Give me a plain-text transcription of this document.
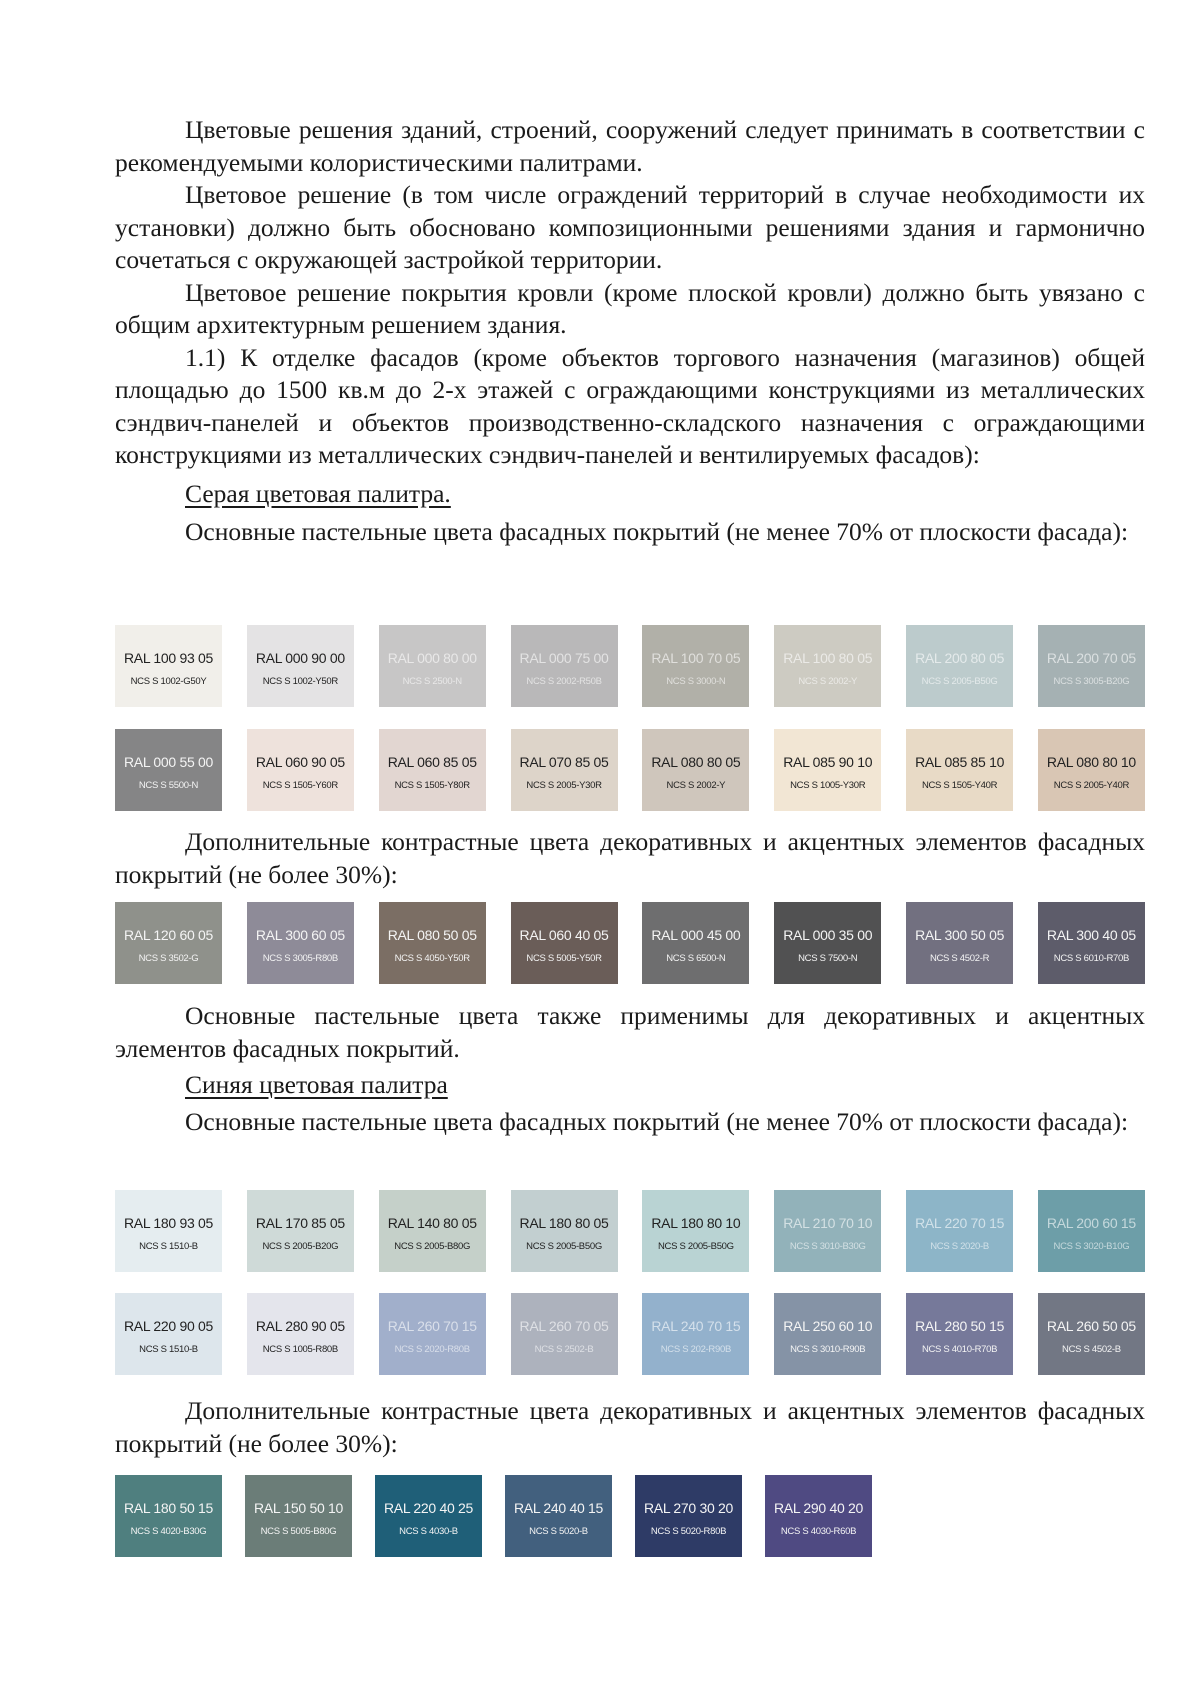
Цветовые решения зданий, строений, сооружений следует принимать в соответствии с рекомендуемыми колористическими палитрами.

Цветовое решение (в том числе ограждений территорий в случае необходимости их установки) должно быть обосновано композиционными решениями здания и гармонично сочетаться с окружающей застройкой территории.

Цветовое решение покрытия кровли (кроме плоской кровли) должно быть увязано с общим архитектурным решением здания.

1.1) К отделке фасадов (кроме объектов торгового назначения (магазинов) общей площадью до 1500 кв.м до 2-х этажей с ограждающими конструкциями из металлических сэндвич-панелей и объектов производственно-складского назначения с ограждающими конструкциями из металлических сэндвич-панелей и вентилируемых фасадов):

Серая цветовая палитра.

Основные пастельные цвета фасадных покрытий (не менее 70% от плоскости фасада):

RAL 100 93 05
NCS S 1002-G50Y
RAL 000 90 00
NCS S 1002-Y50R
RAL 000 80 00
NCS S 2500-N
RAL 000 75 00
NCS S 2002-R50B
RAL 100 70 05
NCS S 3000-N
RAL 100 80 05
NCS S 2002-Y
RAL 200 80 05
NCS S 2005-B50G
RAL 200 70 05
NCS S 3005-B20G
RAL 000 55 00
NCS S 5500-N
RAL 060 90 05
NCS S 1505-Y60R
RAL 060 85 05
NCS S 1505-Y80R
RAL 070 85 05
NCS S 2005-Y30R
RAL 080 80 05
NCS S 2002-Y
RAL 085 90 10
NCS S 1005-Y30R
RAL 085 85 10
NCS S 1505-Y40R
RAL 080 80 10
NCS S 2005-Y40R

Дополнительные контрастные цвета декоративных и акцентных элементов фасадных покрытий (не более 30%):

RAL 120 60 05
NCS S 3502-G
RAL 300 60 05
NCS S 3005-R80B
RAL 080 50 05
NCS S 4050-Y50R
RAL 060 40 05
NCS S 5005-Y50R
RAL 000 45 00
NCS S 6500-N
RAL 000 35 00
NCS S 7500-N
RAL 300 50 05
NCS S 4502-R
RAL 300 40 05
NCS S 6010-R70B

Основные пастельные цвета также применимы для декоративных и акцентных элементов фасадных покрытий.

Синяя цветовая палитра

Основные пастельные цвета фасадных покрытий (не менее 70% от плоскости фасада):

RAL 180 93 05
NCS S 1510-B
RAL 170 85 05
NCS S 2005-B20G
RAL 140 80 05
NCS S 2005-B80G
RAL 180 80 05
NCS S 2005-B50G
RAL 180 80 10
NCS S 2005-B50G
RAL 210 70 10
NCS S 3010-B30G
RAL 220 70 15
NCS S 2020-B
RAL 200 60 15
NCS S 3020-B10G
RAL 220 90 05
NCS S 1510-B
RAL 280 90 05
NCS S 1005-R80B
RAL 260 70 15
NCS S 2020-R80B
RAL 260 70 05
NCS S 2502-B
RAL 240 70 15
NCS S 202-R90B
RAL 250 60 10
NCS S 3010-R90B
RAL 280 50 15
NCS S 4010-R70B
RAL 260 50 05
NCS S 4502-B

Дополнительные контрастные цвета декоративных и акцентных элементов фасадных покрытий (не более 30%):

RAL 180 50 15
NCS S 4020-B30G
RAL 150 50 10
NCS S 5005-B80G
RAL 220 40 25
NCS S 4030-B
RAL 240 40 15
NCS S 5020-B
RAL 270 30 20
NCS S 5020-R80B
RAL 290 40 20
NCS S 4030-R60B
